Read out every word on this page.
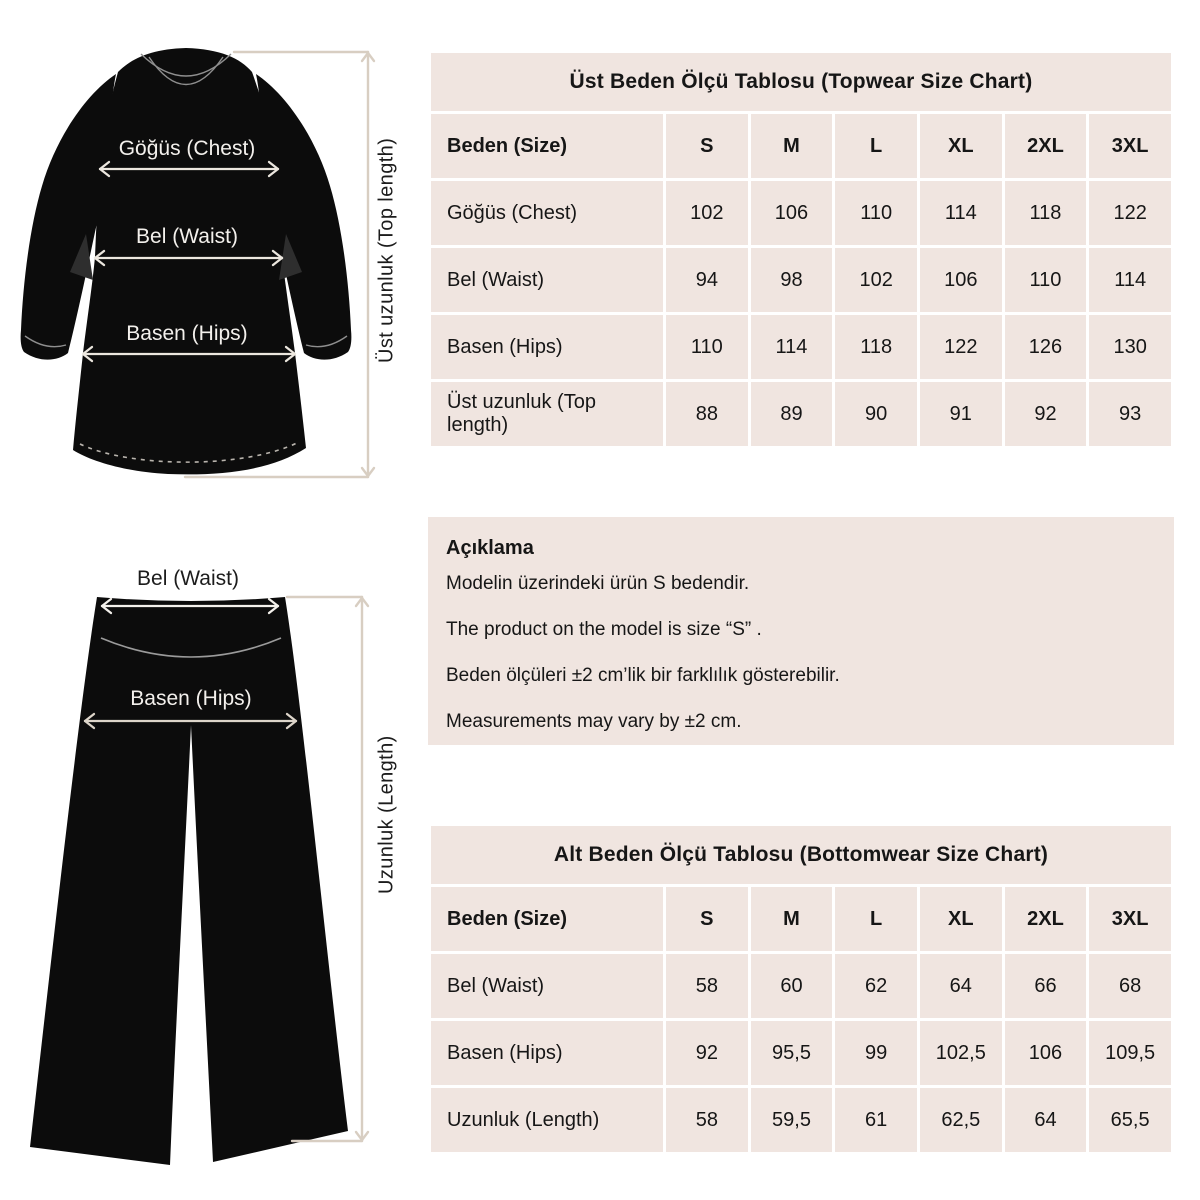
Göğüs (Chest)
Bel (Waist)
Basen (Hips)	Üst uzunluk (Top length)
Bel (Waist)
Basen (Hips)
Uzunluk (Length)
Üst Beden Ölçü Tablosu (Topwear Size Chart)						
Beden (Size)	S	M	L	XL	2XL	3XL
Göğüs (Chest)	102	106	110	114	118	122
Bel (Waist)	94	98	102	106	110	114
Basen (Hips)	110	114	118	122	126	130
Üst uzunluk (Top length)	88	89	90	91	92	93
Açıklama
Modelin üzerindeki ürün S bedendir.
The product on the model is size “S” .
Beden ölçüleri ±2 cm’lik bir farklılık gösterebilir.
Measurements may vary by ±2 cm.
Alt Beden Ölçü Tablosu (Bottomwear Size Chart)						
Beden (Size)	S	M	L	XL	2XL	3XL
Bel (Waist)	58	60	62	64	66	68
Basen (Hips)	92	95,5	99	102,5	106	109,5
Uzunluk (Length)	58	59,5	61	62,5	64	65,5
